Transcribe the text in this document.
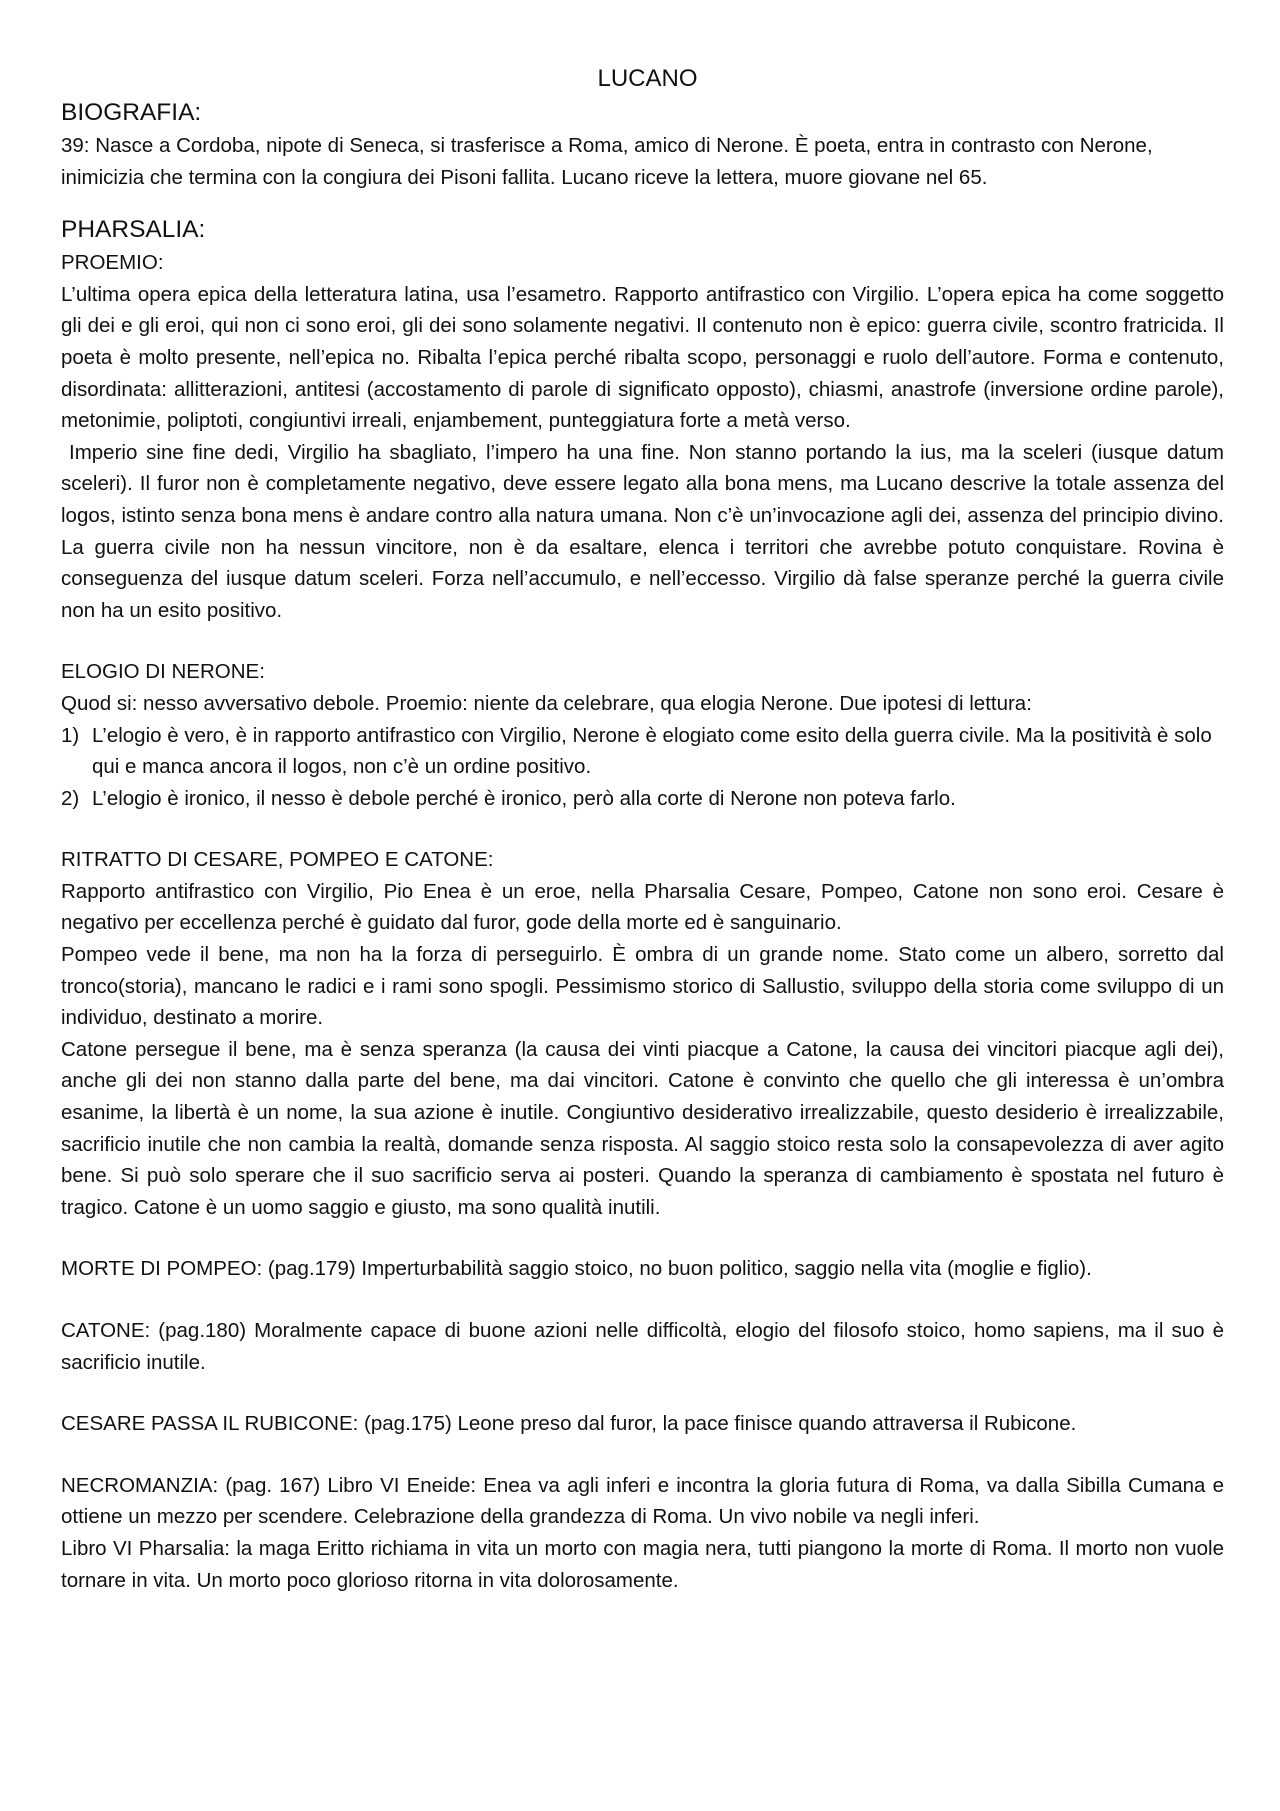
LUCANO

BIOGRAFIA:

39: Nasce a Cordoba, nipote di Seneca, si trasferisce a Roma, amico di Nerone. È poeta, entra in contrasto con Nerone, inimicizia che termina con la congiura dei Pisoni fallita. Lucano riceve la lettera, muore giovane nel 65.

PHARSALIA:

PROEMIO:

L’ultima opera epica della letteratura latina, usa l’esametro. Rapporto antifrastico con Virgilio. L’opera epica ha come soggetto gli dei e gli eroi, qui non ci sono eroi, gli dei sono solamente negativi. Il contenuto non è epico: guerra civile, scontro fratricida. Il poeta è molto presente, nell’epica no. Ribalta l’epica perché ribalta scopo, personaggi e ruolo dell’autore. Forma e contenuto, disordinata: allitterazioni, antitesi (accostamento di parole di significato opposto), chiasmi, anastrofe (inversione ordine parole), metonimie, poliptoti, congiuntivi irreali, enjambement, punteggiatura forte a metà verso.

Imperio sine fine dedi, Virgilio ha sbagliato, l’impero ha una fine. Non stanno portando la ius, ma la sceleri (iusque datum sceleri). Il furor non è completamente negativo, deve essere legato alla bona mens, ma Lucano descrive la totale assenza del logos, istinto senza bona mens è andare contro alla natura umana. Non c’è un’invocazione agli dei, assenza del principio divino. La guerra civile non ha nessun vincitore, non è da esaltare, elenca i territori che avrebbe potuto conquistare. Rovina è conseguenza del iusque datum sceleri. Forza nell’accumulo, e nell’eccesso. Virgilio dà false speranze perché la guerra civile non ha un esito positivo.

ELOGIO DI NERONE:

Quod si: nesso avversativo debole. Proemio: niente da celebrare, qua elogia Nerone. Due ipotesi di lettura:

1) L’elogio è vero, è in rapporto antifrastico con Virgilio, Nerone è elogiato come esito della guerra civile. Ma la positività è solo qui e manca ancora il logos, non c’è un ordine positivo.
2) L’elogio è ironico, il nesso è debole perché è ironico, però alla corte di Nerone non poteva farlo.

RITRATTO DI CESARE, POMPEO E CATONE:

Rapporto antifrastico con Virgilio, Pio Enea è un eroe, nella Pharsalia Cesare, Pompeo, Catone non sono eroi. Cesare è negativo per eccellenza perché è guidato dal furor, gode della morte ed è sanguinario.

Pompeo vede il bene, ma non ha la forza di perseguirlo. È ombra di un grande nome. Stato come un albero, sorretto dal tronco(storia), mancano le radici e i rami sono spogli. Pessimismo storico di Sallustio, sviluppo della storia come sviluppo di un individuo, destinato a morire.

Catone persegue il bene, ma è senza speranza (la causa dei vinti piacque a Catone, la causa dei vincitori piacque agli dei), anche gli dei non stanno dalla parte del bene, ma dai vincitori. Catone è convinto che quello che gli interessa è un’ombra esanime, la libertà è un nome, la sua azione è inutile. Congiuntivo desiderativo irrealizzabile, questo desiderio è irrealizzabile, sacrificio inutile che non cambia la realtà, domande senza risposta. Al saggio stoico resta solo la consapevolezza di aver agito bene. Si può solo sperare che il suo sacrificio serva ai posteri. Quando la speranza di cambiamento è spostata nel futuro è tragico. Catone è un uomo saggio e giusto, ma sono qualità inutili.

MORTE DI POMPEO: (pag.179) Imperturbabilità saggio stoico, no buon politico, saggio nella vita (moglie e figlio).

CATONE: (pag.180) Moralmente capace di buone azioni nelle difficoltà, elogio del filosofo stoico, homo sapiens, ma il suo è sacrificio inutile.

CESARE PASSA IL RUBICONE: (pag.175) Leone preso dal furor, la pace finisce quando attraversa il Rubicone.

NECROMANZIA: (pag. 167) Libro VI Eneide: Enea va agli inferi e incontra la gloria futura di Roma, va dalla Sibilla Cumana e ottiene un mezzo per scendere. Celebrazione della grandezza di Roma. Un vivo nobile va negli inferi.

Libro VI Pharsalia: la maga Eritto richiama in vita un morto con magia nera, tutti piangono la morte di Roma. Il morto non vuole tornare in vita. Un morto poco glorioso ritorna in vita dolorosamente.
